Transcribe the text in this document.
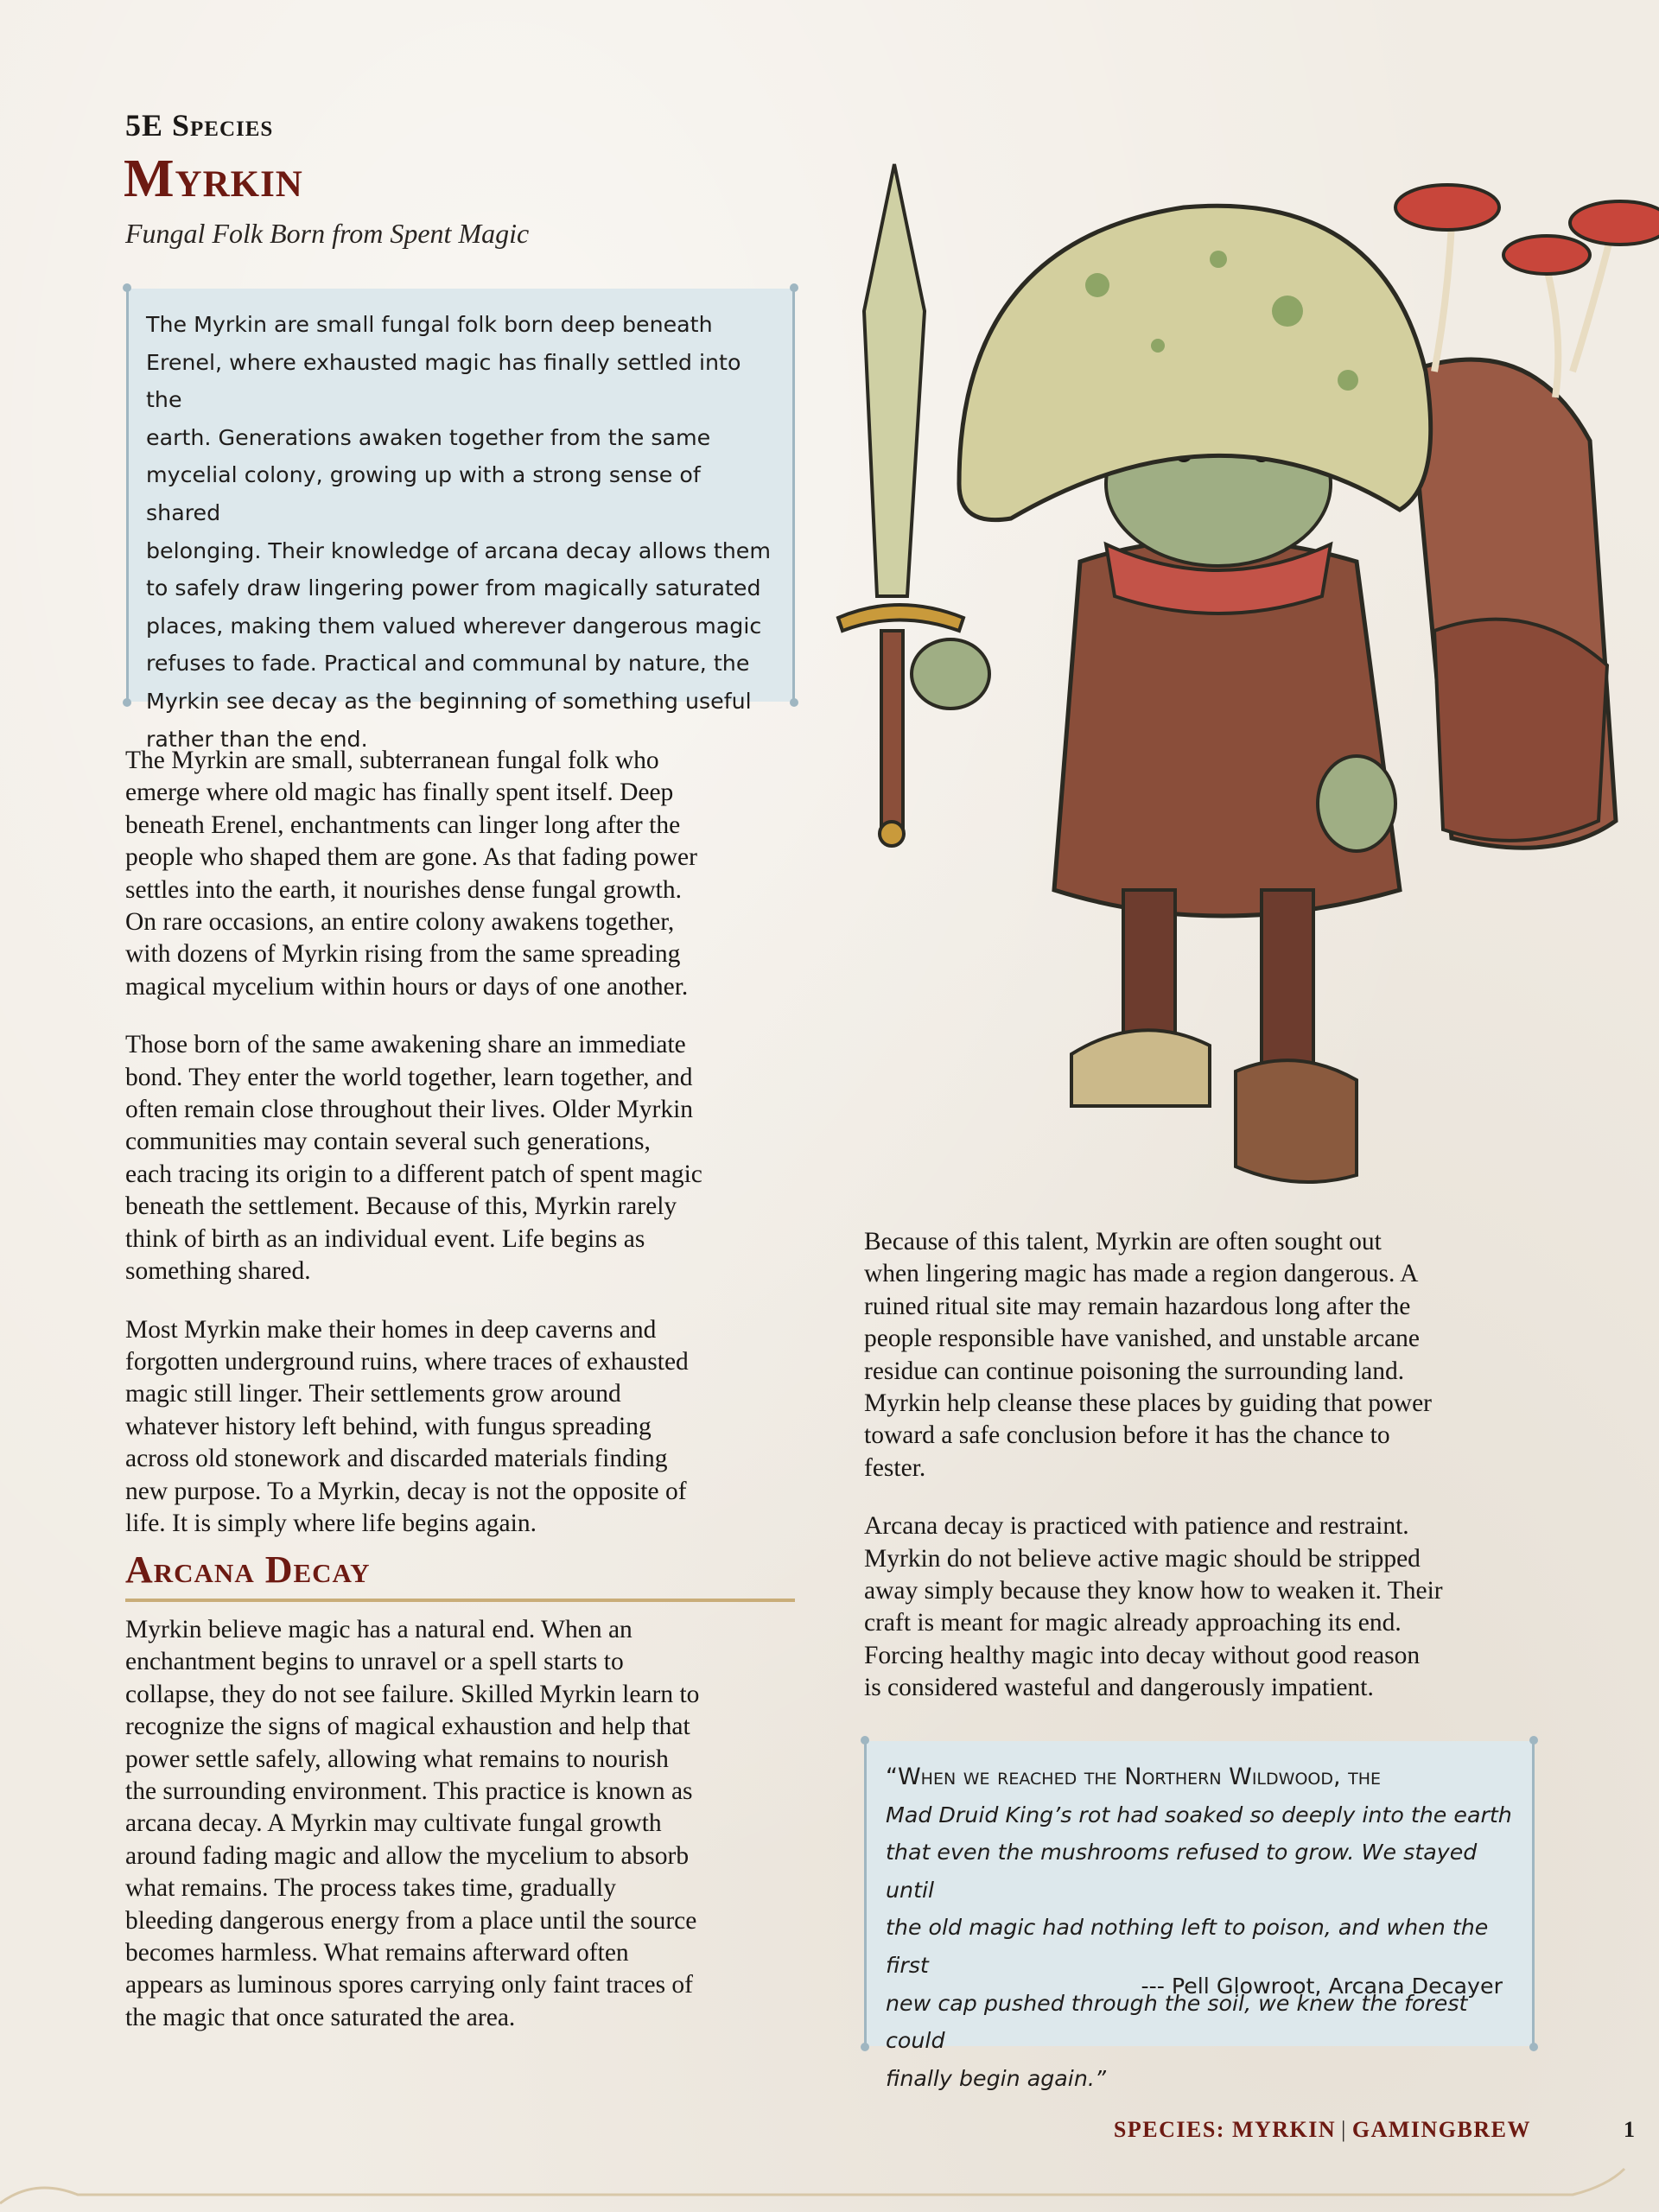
5E Species
Myrkin
Fungal Folk Born from Spent Magic

The Myrkin are small fungal folk born deep beneath
Erenel, where exhausted magic has finally settled into the
earth. Generations awaken together from the same
mycelial colony, growing up with a strong sense of shared
belonging. Their knowledge of arcana decay allows them
to safely draw lingering power from magically saturated
places, making them valued wherever dangerous magic
refuses to fade. Practical and communal by nature, the
Myrkin see decay as the beginning of something useful
rather than the end.

The Myrkin are small, subterranean fungal folk who
emerge where old magic has finally spent itself. Deep
beneath Erenel, enchantments can linger long after the
people who shaped them are gone. As that fading power
settles into the earth, it nourishes dense fungal growth.
On rare occasions, an entire colony awakens together,
with dozens of Myrkin rising from the same spreading
magical mycelium within hours or days of one another.

Those born of the same awakening share an immediate
bond. They enter the world together, learn together, and
often remain close throughout their lives. Older Myrkin
communities may contain several such generations,
each tracing its origin to a different patch of spent magic
beneath the settlement. Because of this, Myrkin rarely
think of birth as an individual event. Life begins as
something shared.

Most Myrkin make their homes in deep caverns and
forgotten underground ruins, where traces of exhausted
magic still linger. Their settlements grow around
whatever history left behind, with fungus spreading
across old stonework and discarded materials finding
new purpose. To a Myrkin, decay is not the opposite of
life. It is simply where life begins again.

Arcana Decay

Myrkin believe magic has a natural end. When an
enchantment begins to unravel or a spell starts to
collapse, they do not see failure. Skilled Myrkin learn to
recognize the signs of magical exhaustion and help that
power settle safely, allowing what remains to nourish
the surrounding environment. This practice is known as
arcana decay. A Myrkin may cultivate fungal growth
around fading magic and allow the mycelium to absorb
what remains. The process takes time, gradually
bleeding dangerous energy from a place until the source
becomes harmless. What remains afterward often
appears as luminous spores carrying only faint traces of
the magic that once saturated the area.

Because of this talent, Myrkin are often sought out
when lingering magic has made a region dangerous. A
ruined ritual site may remain hazardous long after the
people responsible have vanished, and unstable arcane
residue can continue poisoning the surrounding land.
Myrkin help cleanse these places by guiding that power
toward a safe conclusion before it has the chance to
fester.

Arcana decay is practiced with patience and restraint.
Myrkin do not believe active magic should be stripped
away simply because they know how to weaken it. Their
craft is meant for magic already approaching its end.
Forcing healthy magic into decay without good reason
is considered wasteful and dangerously impatient.

“When we reached the Northern Wildwood, the
Mad Druid King’s rot had soaked so deeply into the earth
that even the mushrooms refused to grow. We stayed until
the old magic had nothing left to poison, and when the first
new cap pushed through the soil, we knew the forest could
finally begin again.”

--- Pell Glowroot, Arcana Decayer
SPECIES: MYRKIN | GAMINGBREW	1
